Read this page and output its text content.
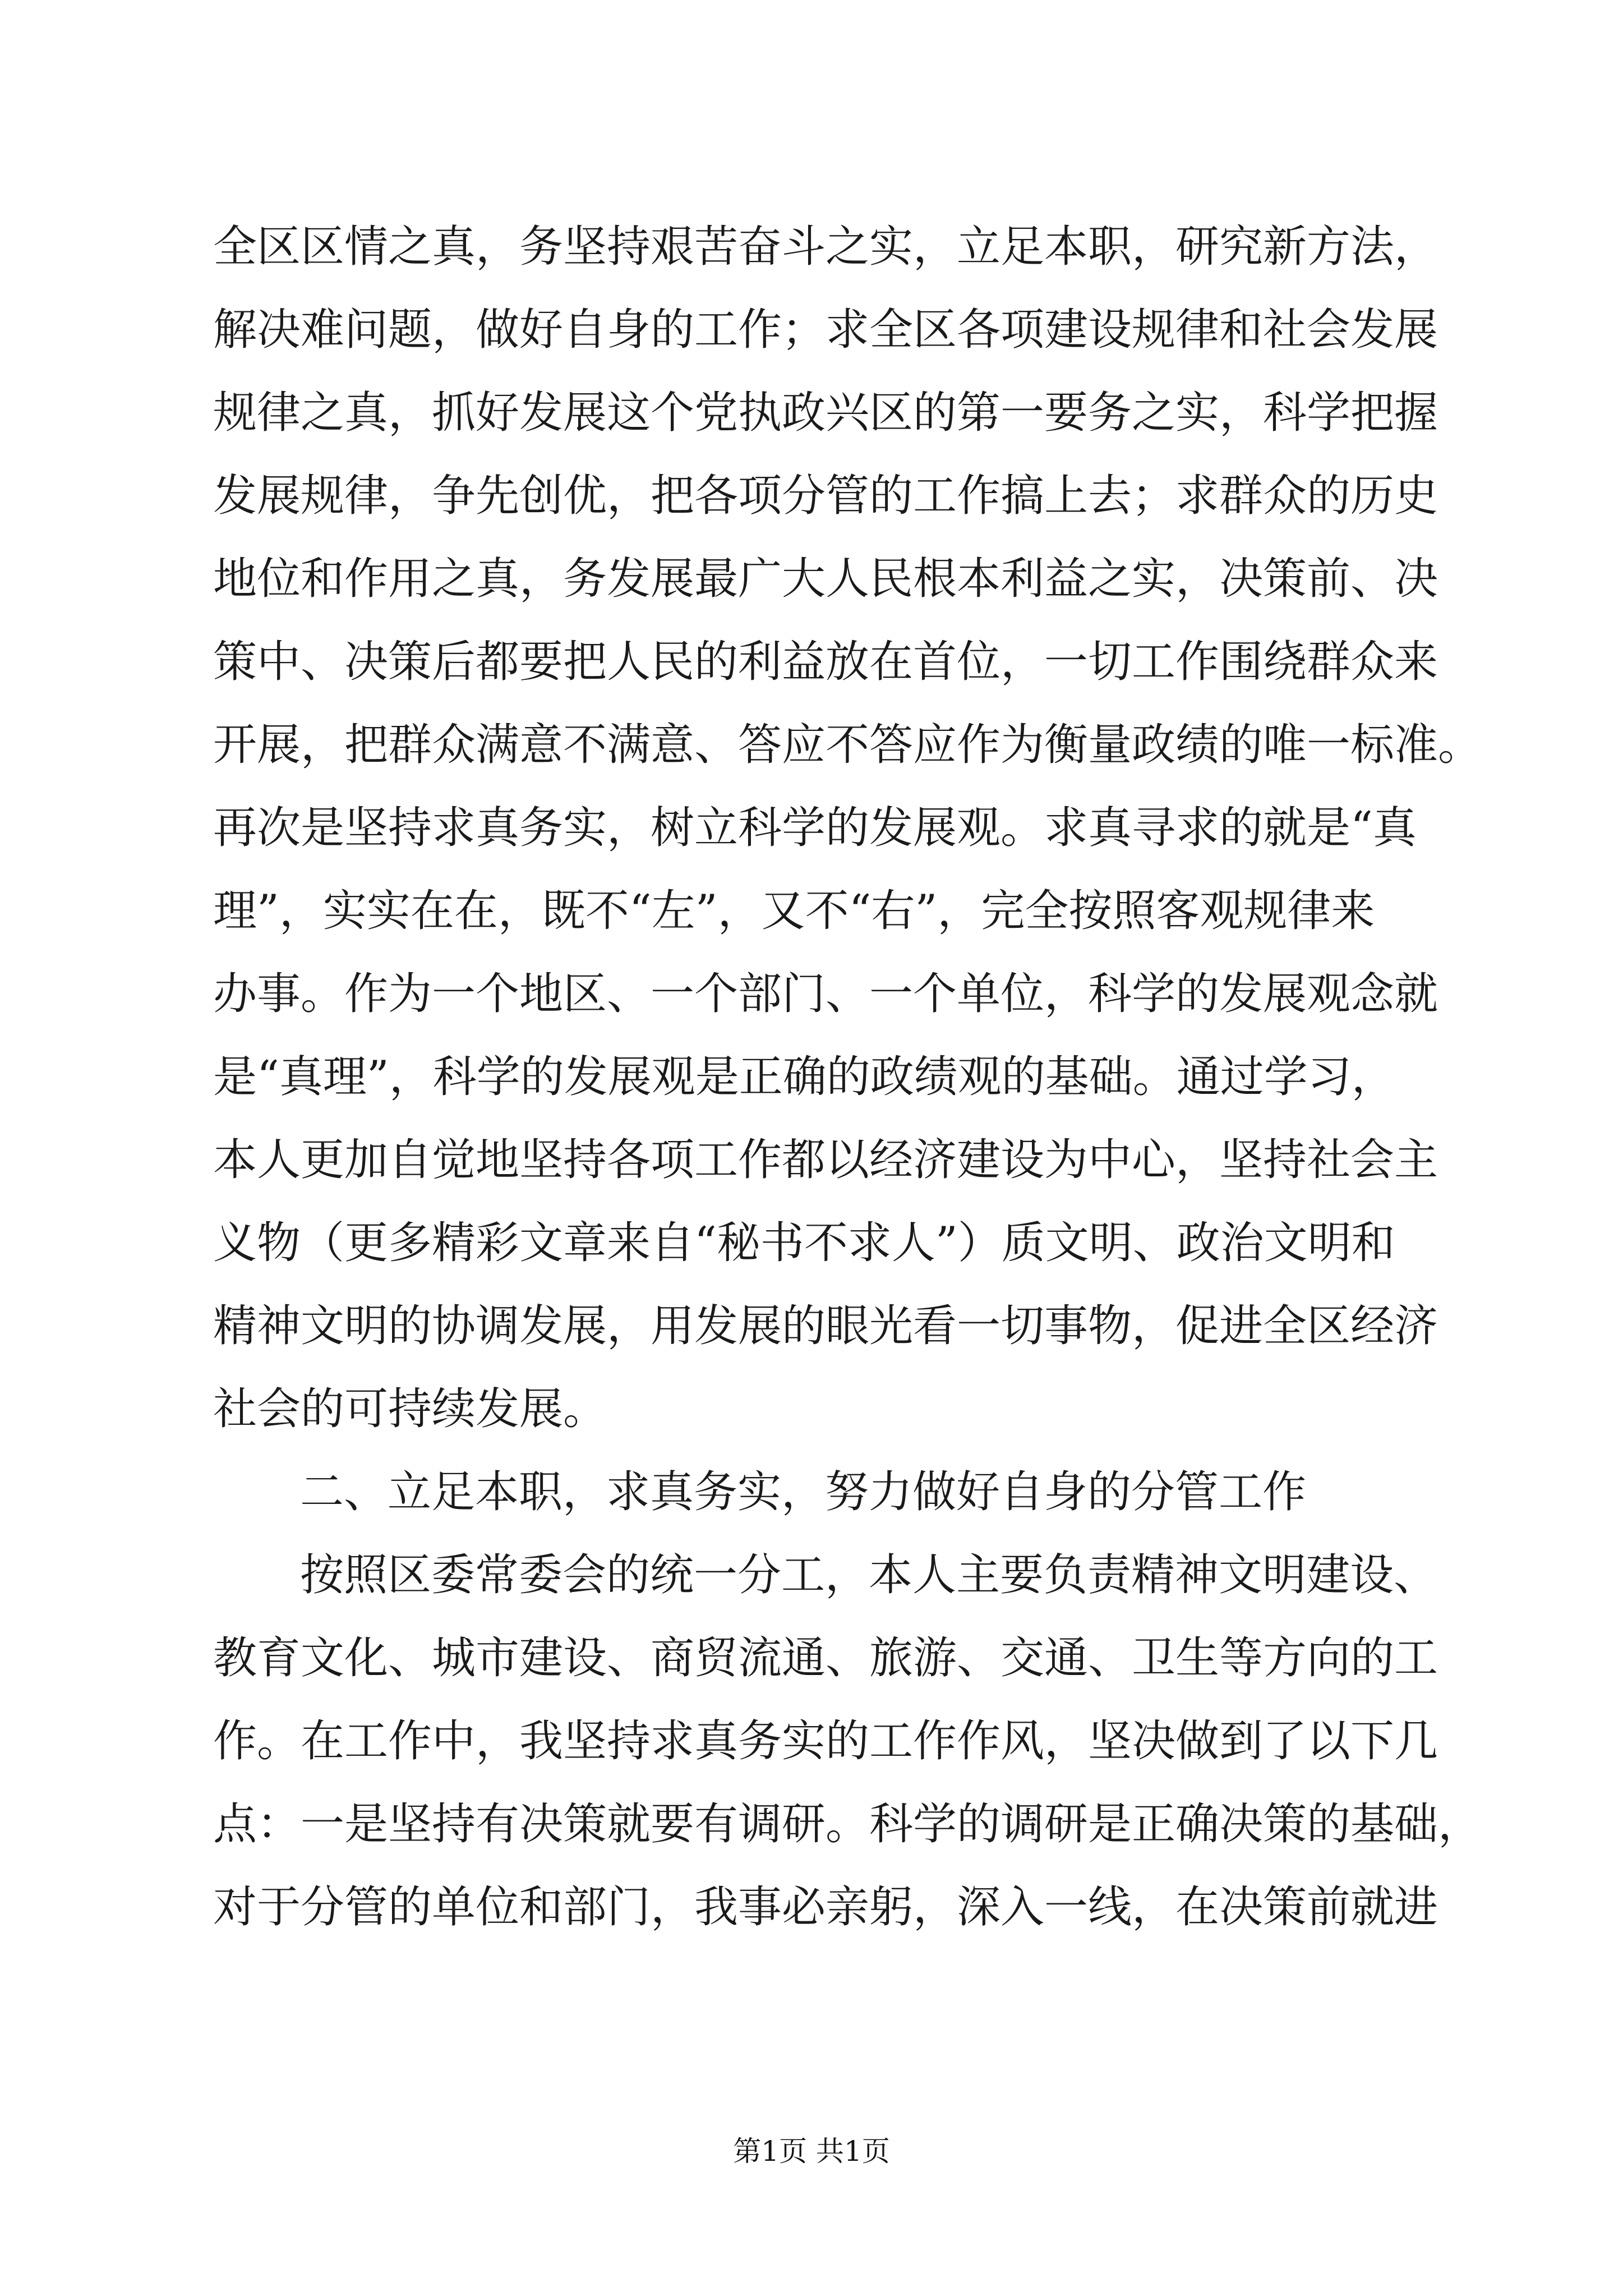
全区区情之真，务坚持艰苦奋斗之实，立足本职，研究新方法，
解决难问题，做好自身的工作；求全区各项建设规律和社会发展
规律之真，抓好发展这个党执政兴区的第一要务之实，科学把握
发展规律，争先创优，把各项分管的工作搞上去；求群众的历史
地位和作用之真，务发展最广大人民根本利益之实，决策前、决
策中、决策后都要把人民的利益放在首位，一切工作围绕群众来
开展，把群众满意不满意、答应不答应作为衡量政绩的唯一标准。
再次是坚持求真务实，树立科学的发展观。求真寻求的就是“真
理”，实实在在，既不“左”，又不“右”，完全按照客观规律来
办事。作为一个地区、一个部门、一个单位，科学的发展观念就
是“真理”，科学的发展观是正确的政绩观的基础。通过学习，
本人更加自觉地坚持各项工作都以经济建设为中心，坚持社会主
义物（更多精彩文章来自“秘书不求人”）质文明、政治文明和
精神文明的协调发展，用发展的眼光看一切事物，促进全区经济
社会的可持续发展。
二、立足本职，求真务实，努力做好自身的分管工作
按照区委常委会的统一分工，本人主要负责精神文明建设、
教育文化、城市建设、商贸流通、旅游、交通、卫生等方向的工
作。在工作中，我坚持求真务实的工作作风，坚决做到了以下几
点：一是坚持有决策就要有调研。科学的调研是正确决策的基础，
对于分管的单位和部门，我事必亲躬，深入一线，在决策前就进
第1页 共1页
